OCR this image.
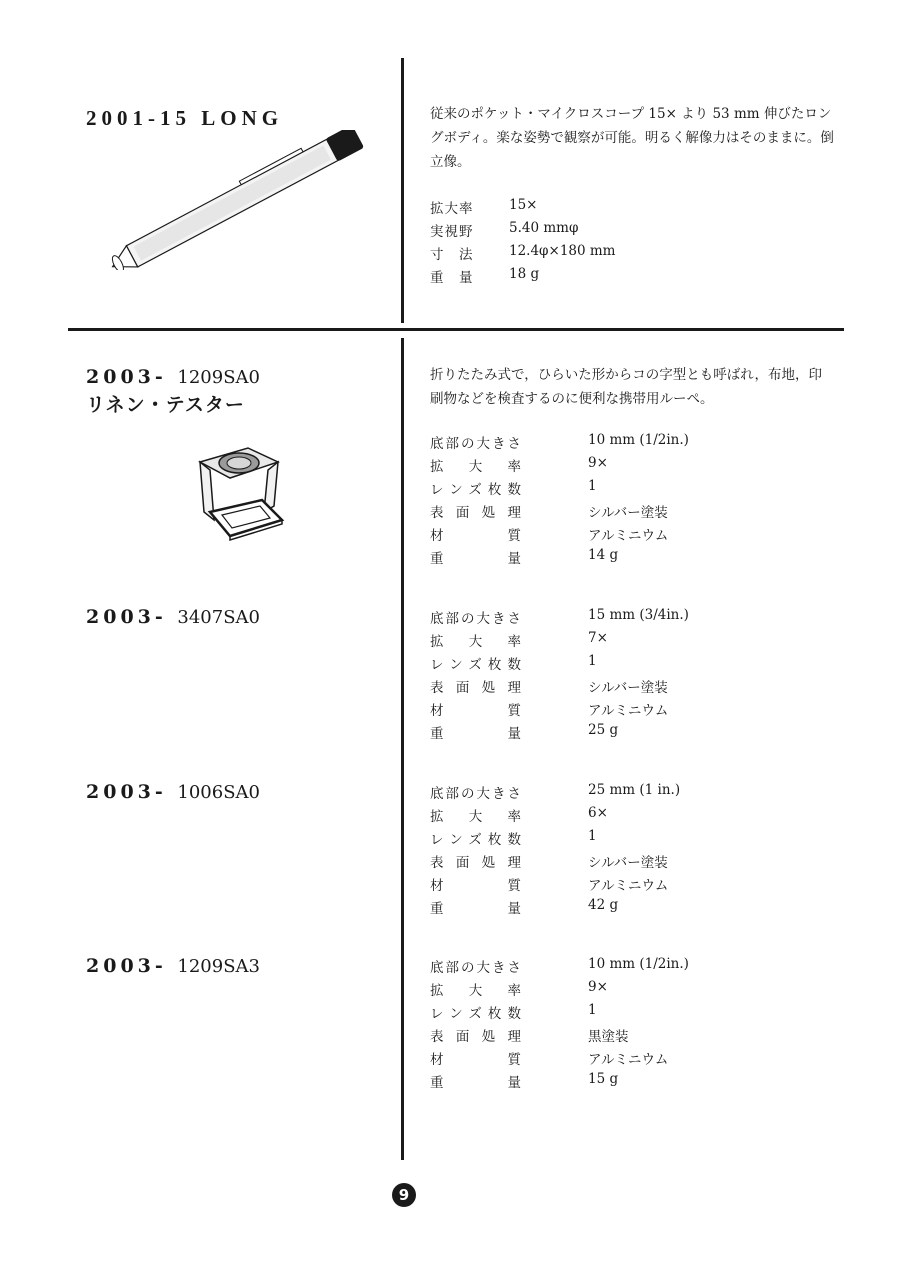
2001-15 LONG	従来のポケット・マイクロスコープ 15× より 53 mm 伸びたロングボディ。楽な姿勢で観察が可能。明るく解像力はそのままに。倒立像。

拡大率	15×
実視野	5.40 mmφ
寸　法	12.4φ×180 mm
重　量	18 g
2003- 1209SA0
リネン・テスター

折りたたみ式で，ひらいた形からコの字型とも呼ばれ，布地，印刷物などを検査するのに便利な携帯用ルーペ。

底部の大きさ	10 mm (1/2in.)

拡大率	9×

レンズ枚数	1

表面処理	シルバー塗装

材質	アルミニウム

重量	14 g
2003- 3407SA0	底部の大きさ	15 mm (3/4in.)

拡大率	7×

レンズ枚数	1

表面処理	シルバー塗装

材質	アルミニウム

重量	25 g
2003- 1006SA0	底部の大きさ	25 mm (1 in.)

拡大率	6×

レンズ枚数	1

表面処理	シルバー塗装

材質	アルミニウム

重量	42 g
2003- 1209SA3	底部の大きさ	10 mm (1/2in.)

拡大率	9×

レンズ枚数	1

表面処理	黒塗装

材質	アルミニウム

重量	15 g
9
